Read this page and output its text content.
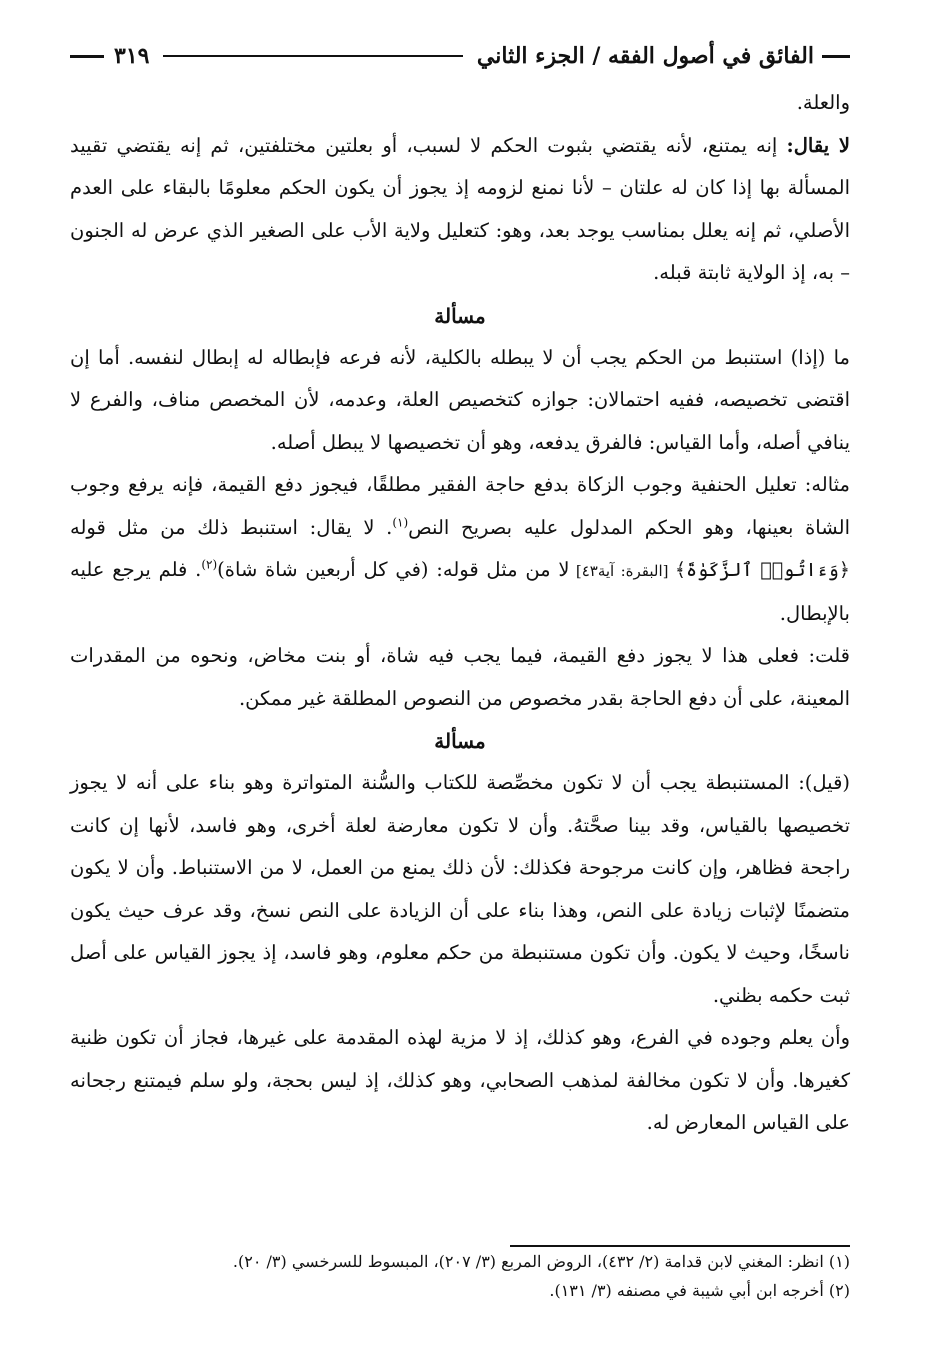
الفائق في أصول الفقه / الجزء الثاني
٣١٩

والعلة.

لا يقال: إنه يمتنع، لأنه يقتضي بثبوت الحكم لا لسبب، أو بعلتين مختلفتين، ثم إنه يقتضي تقييد المسألة بها إذا كان له علتان – لأنا نمنع لزومه إذ يجوز أن يكون الحكم معلومًا بالبقاء على العدم الأصلي، ثم إنه يعلل بمناسب يوجد بعد، وهو: كتعليل ولاية الأب على الصغير الذي عرض له الجنون – به، إذ الولاية ثابتة قبله.

مسألة

ما (إذا) استنبط من الحكم يجب أن لا يبطله بالكلية، لأنه فرعه فإبطاله له إبطال لنفسه. أما إن اقتضى تخصيصه، ففيه احتمالان: جوازه كتخصيص العلة، وعدمه، لأن المخصص مناف، والفرع لا ينافي أصله، وأما القياس: فالفرق يدفعه، وهو أن تخصيصها لا يبطل أصله.

مثاله: تعليل الحنفية وجوب الزكاة بدفع حاجة الفقير مطلقًا، فيجوز دفع القيمة، فإنه يرفع وجوب الشاة بعينها، وهو الحكم المدلول عليه بصريح النص$^{(١)}$. لا يقال: استنبط ذلك من مثل قوله ﴿وَءَاتُوا۟ ٱلزَّكَوٰةَ﴾ [البقرة: آية٤٣] لا من مثل قوله: (في كل أربعين شاة شاة)$^{(٢)}$. فلم يرجع عليه بالإبطال.

قلت: فعلى هذا لا يجوز دفع القيمة، فيما يجب فيه شاة، أو بنت مخاض، ونحوه من المقدرات المعينة، على أن دفع الحاجة بقدر مخصوص من النصوص المطلقة غير ممكن.

مسألة

(قيل): المستنبطة يجب أن لا تكون مخصِّصة للكتاب والسُّنة المتواترة وهو بناء على أنه لا يجوز تخصيصها بالقياس، وقد بينا صحَّتهُ. وأن لا تكون معارضة لعلة أخرى، وهو فاسد، لأنها إن كانت راجحة فظاهر، وإن كانت مرجوحة فكذلك: لأن ذلك يمنع من العمل، لا من الاستنباط. وأن لا يكون متضمنًا لإثبات زيادة على النص، وهذا بناء على أن الزيادة على النص نسخ، وقد عرف حيث يكون ناسخًا، وحيث لا يكون. وأن تكون مستنبطة من حكم معلوم، وهو فاسد، إذ يجوز القياس على أصل ثبت حكمه بظني.

وأن يعلم وجوده في الفرع، وهو كذلك، إذ لا مزية لهذه المقدمة على غيرها، فجاز أن تكون ظنية كغيرها. وأن لا تكون مخالفة لمذهب الصحابي، وهو كذلك، إذ ليس بحجة، ولو سلم فيمتنع رجحانه على القياس المعارض له.

(١) انظر: المغني لابن قدامة (٢/ ٤٣٢)، الروض المربع (٣/ ٢٠٧)، المبسوط للسرخسي (٣/ ٢٠).

(٢) أخرجه ابن أبي شيبة في مصنفه (٣/ ١٣١).
